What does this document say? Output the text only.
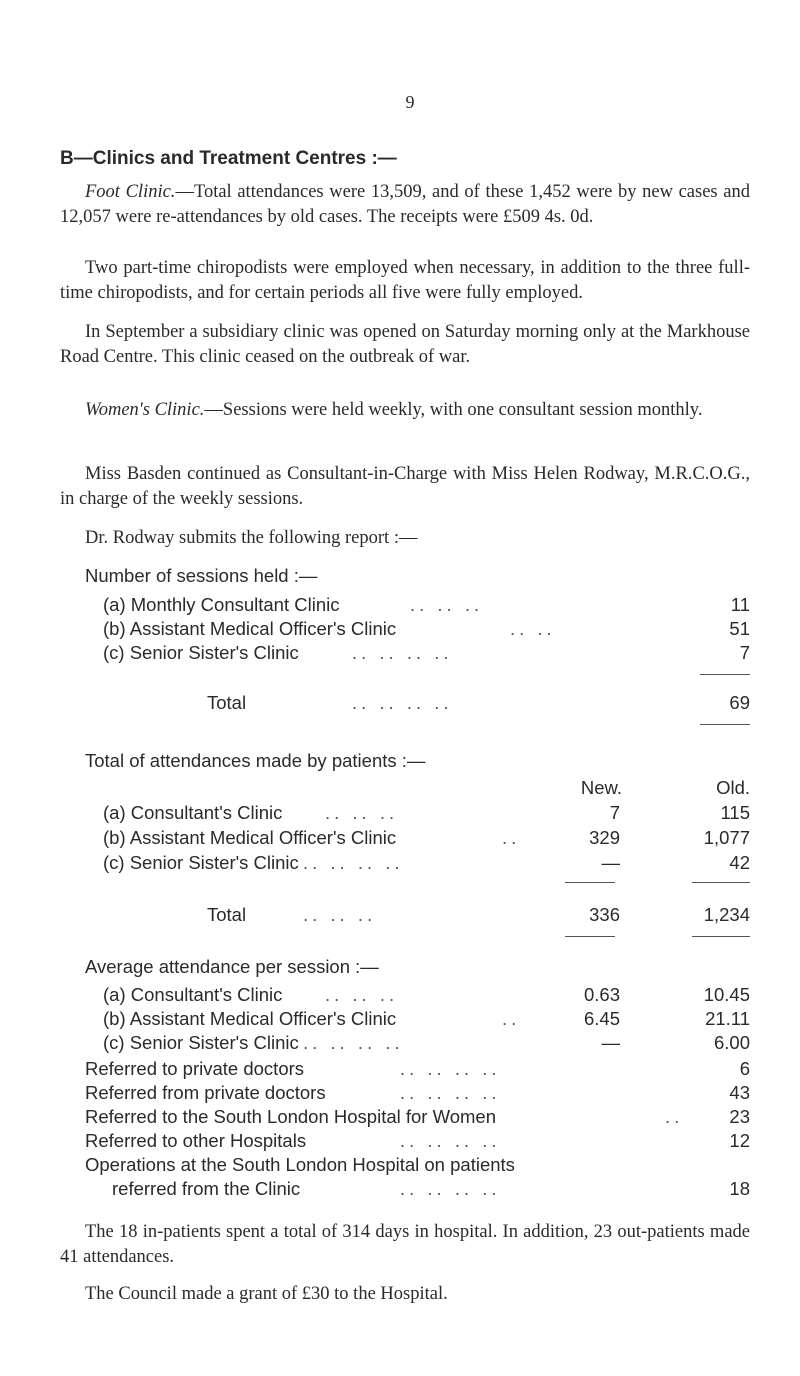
9
B—Clinics and Treatment Centres :—
Foot Clinic.—Total attendances were 13,509, and of these 1,452 were by new cases and 12,057 were re-attendances by old cases. The receipts were £509 4s. 0d.
Two part-time chiropodists were employed when necessary, in addition to the three full-time chiropodists, and for certain periods all five were fully employed.
In September a subsidiary clinic was opened on Saturday morning only at the Markhouse Road Centre. This clinic ceased on the outbreak of war.
Women's Clinic.—Sessions were held weekly, with one consultant session monthly.
Miss Basden continued as Consultant-in-Charge with Miss Helen Rodway, M.R.C.O.G., in charge of the weekly sessions.
Dr. Rodway submits the following report :—
Number of sessions held :—
(a) Monthly Consultant Clinic	.. .. ..	11
(b) Assistant Medical Officer's Clinic	.. ..	51
(c) Senior Sister's Clinic	.. .. .. ..	7
Total	.. .. .. ..	69
Total of attendances made by patients :—
New.	Old.
(a) Consultant's Clinic .. .. ..	7	115
(b) Assistant Medical Officer's Clinic	..	329	1,077
(c) Senior Sister's Clinic .. .. .. ..	—	42
Total	.. .. ..	336	1,234
Average attendance per session :—
(a) Consultant's Clinic .. .. ..	0.63	10.45
(b) Assistant Medical Officer's Clinic	..	6.45	21.11
(c) Senior Sister's Clinic .. .. .. ..	—	6.00
Referred to private doctors	.. .. .. ..	6
Referred from private doctors	.. .. .. ..	43
Referred to the South London Hospital for Women	.. 23
Referred to other Hospitals	.. .. .. ..	12
Operations at the South London Hospital on patients
referred from the Clinic	.. .. .. ..	18
The 18 in-patients spent a total of 314 days in hospital. In addition, 23 out-patients made 41 attendances.
The Council made a grant of £30 to the Hospital.
